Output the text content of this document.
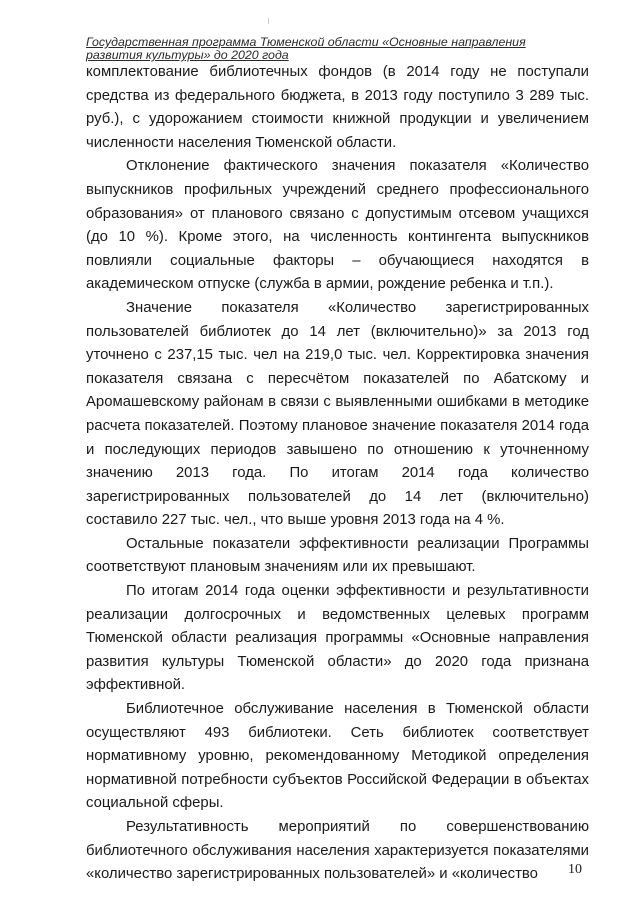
Государственная программа Тюменской области «Основные направления
развития культуры» до 2020 года

комплектование библиотечных фондов (в 2014 году не поступали средства из федерального бюджета, в 2013 году поступило 3 289 тыс. руб.), с удорожанием стоимости книжной продукции и увеличением численности населения Тюменской области.

Отклонение фактического значения показателя «Количество выпускников профильных учреждений среднего профессионального образования» от планового связано с допустимым отсевом учащихся (до 10 %). Кроме этого, на численность контингента выпускников повлияли социальные факторы – обучающиеся находятся в академическом отпуске (служба в армии, рождение ребенка и т.п.).

Значение показателя «Количество зарегистрированных пользователей библиотек до 14 лет (включительно)» за 2013 год уточнено с 237,15 тыс. чел на 219,0 тыс. чел. Корректировка значения показателя связана с пересчётом показателей по Абатскому и Аромашевскому районам в связи с выявленными ошибками в методике расчета показателей. Поэтому плановое значение показателя 2014 года и последующих периодов завышено по отношению к уточненному значению 2013 года. По итогам 2014 года количество зарегистрированных пользователей до 14 лет (включительно) составило 227 тыс. чел., что выше уровня 2013 года на 4 %.

Остальные показатели эффективности реализации Программы соответствуют плановым значениям или их превышают.

По итогам 2014 года оценки эффективности и результативности реализации долгосрочных и ведомственных целевых программ Тюменской области реализация программы «Основные направления развития культуры Тюменской области» до 2020 года признана эффективной.

Библиотечное обслуживание населения в Тюменской области осуществляют 493 библиотеки. Сеть библиотек соответствует нормативному уровню, рекомендованному Методикой определения нормативной потребности субъектов Российской Федерации в объектах социальной сферы.

Результативность мероприятий по совершенствованию библиотечного обслуживания населения характеризуется показателями «количество зарегистрированных пользователей» и «количество	10
